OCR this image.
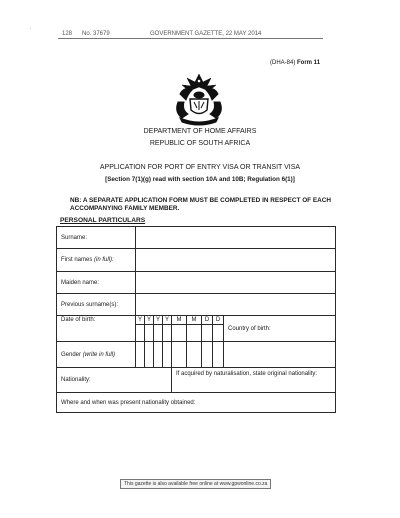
'	128 No. 37679	GOVERNMENT GAZETTE, 22 MAY 2014
(DHA-84) Form 11
DEPARTMENT OF HOME AFFAIRS
REPUBLIC OF SOUTH AFRICA
APPLICATION FOR PORT OF ENTRY VISA OR TRANSIT VISA
[Section 7(1)(g) read with section 10A and 10B; Regulation 6(1)]
NB: A SEPARATE APPLICATION FORM MUST BE COMPLETED IN RESPECT OF EACH ACCOMPANYING FAMILY MEMBER.
PERSONAL PARTICULARS
Surname:									
First names (in full):									
Maiden name:									
Previous surname(s):									
Date of birth:	Y	Y	Y	Y	M	M	D	D	Country of birth:

Gender (write in full)									
Nationality:					If acquired by naturalisation, state original nationality:				
Where and when was present nationality obtained:									
This gazette is also available free online at www.gpwonline.co.za
